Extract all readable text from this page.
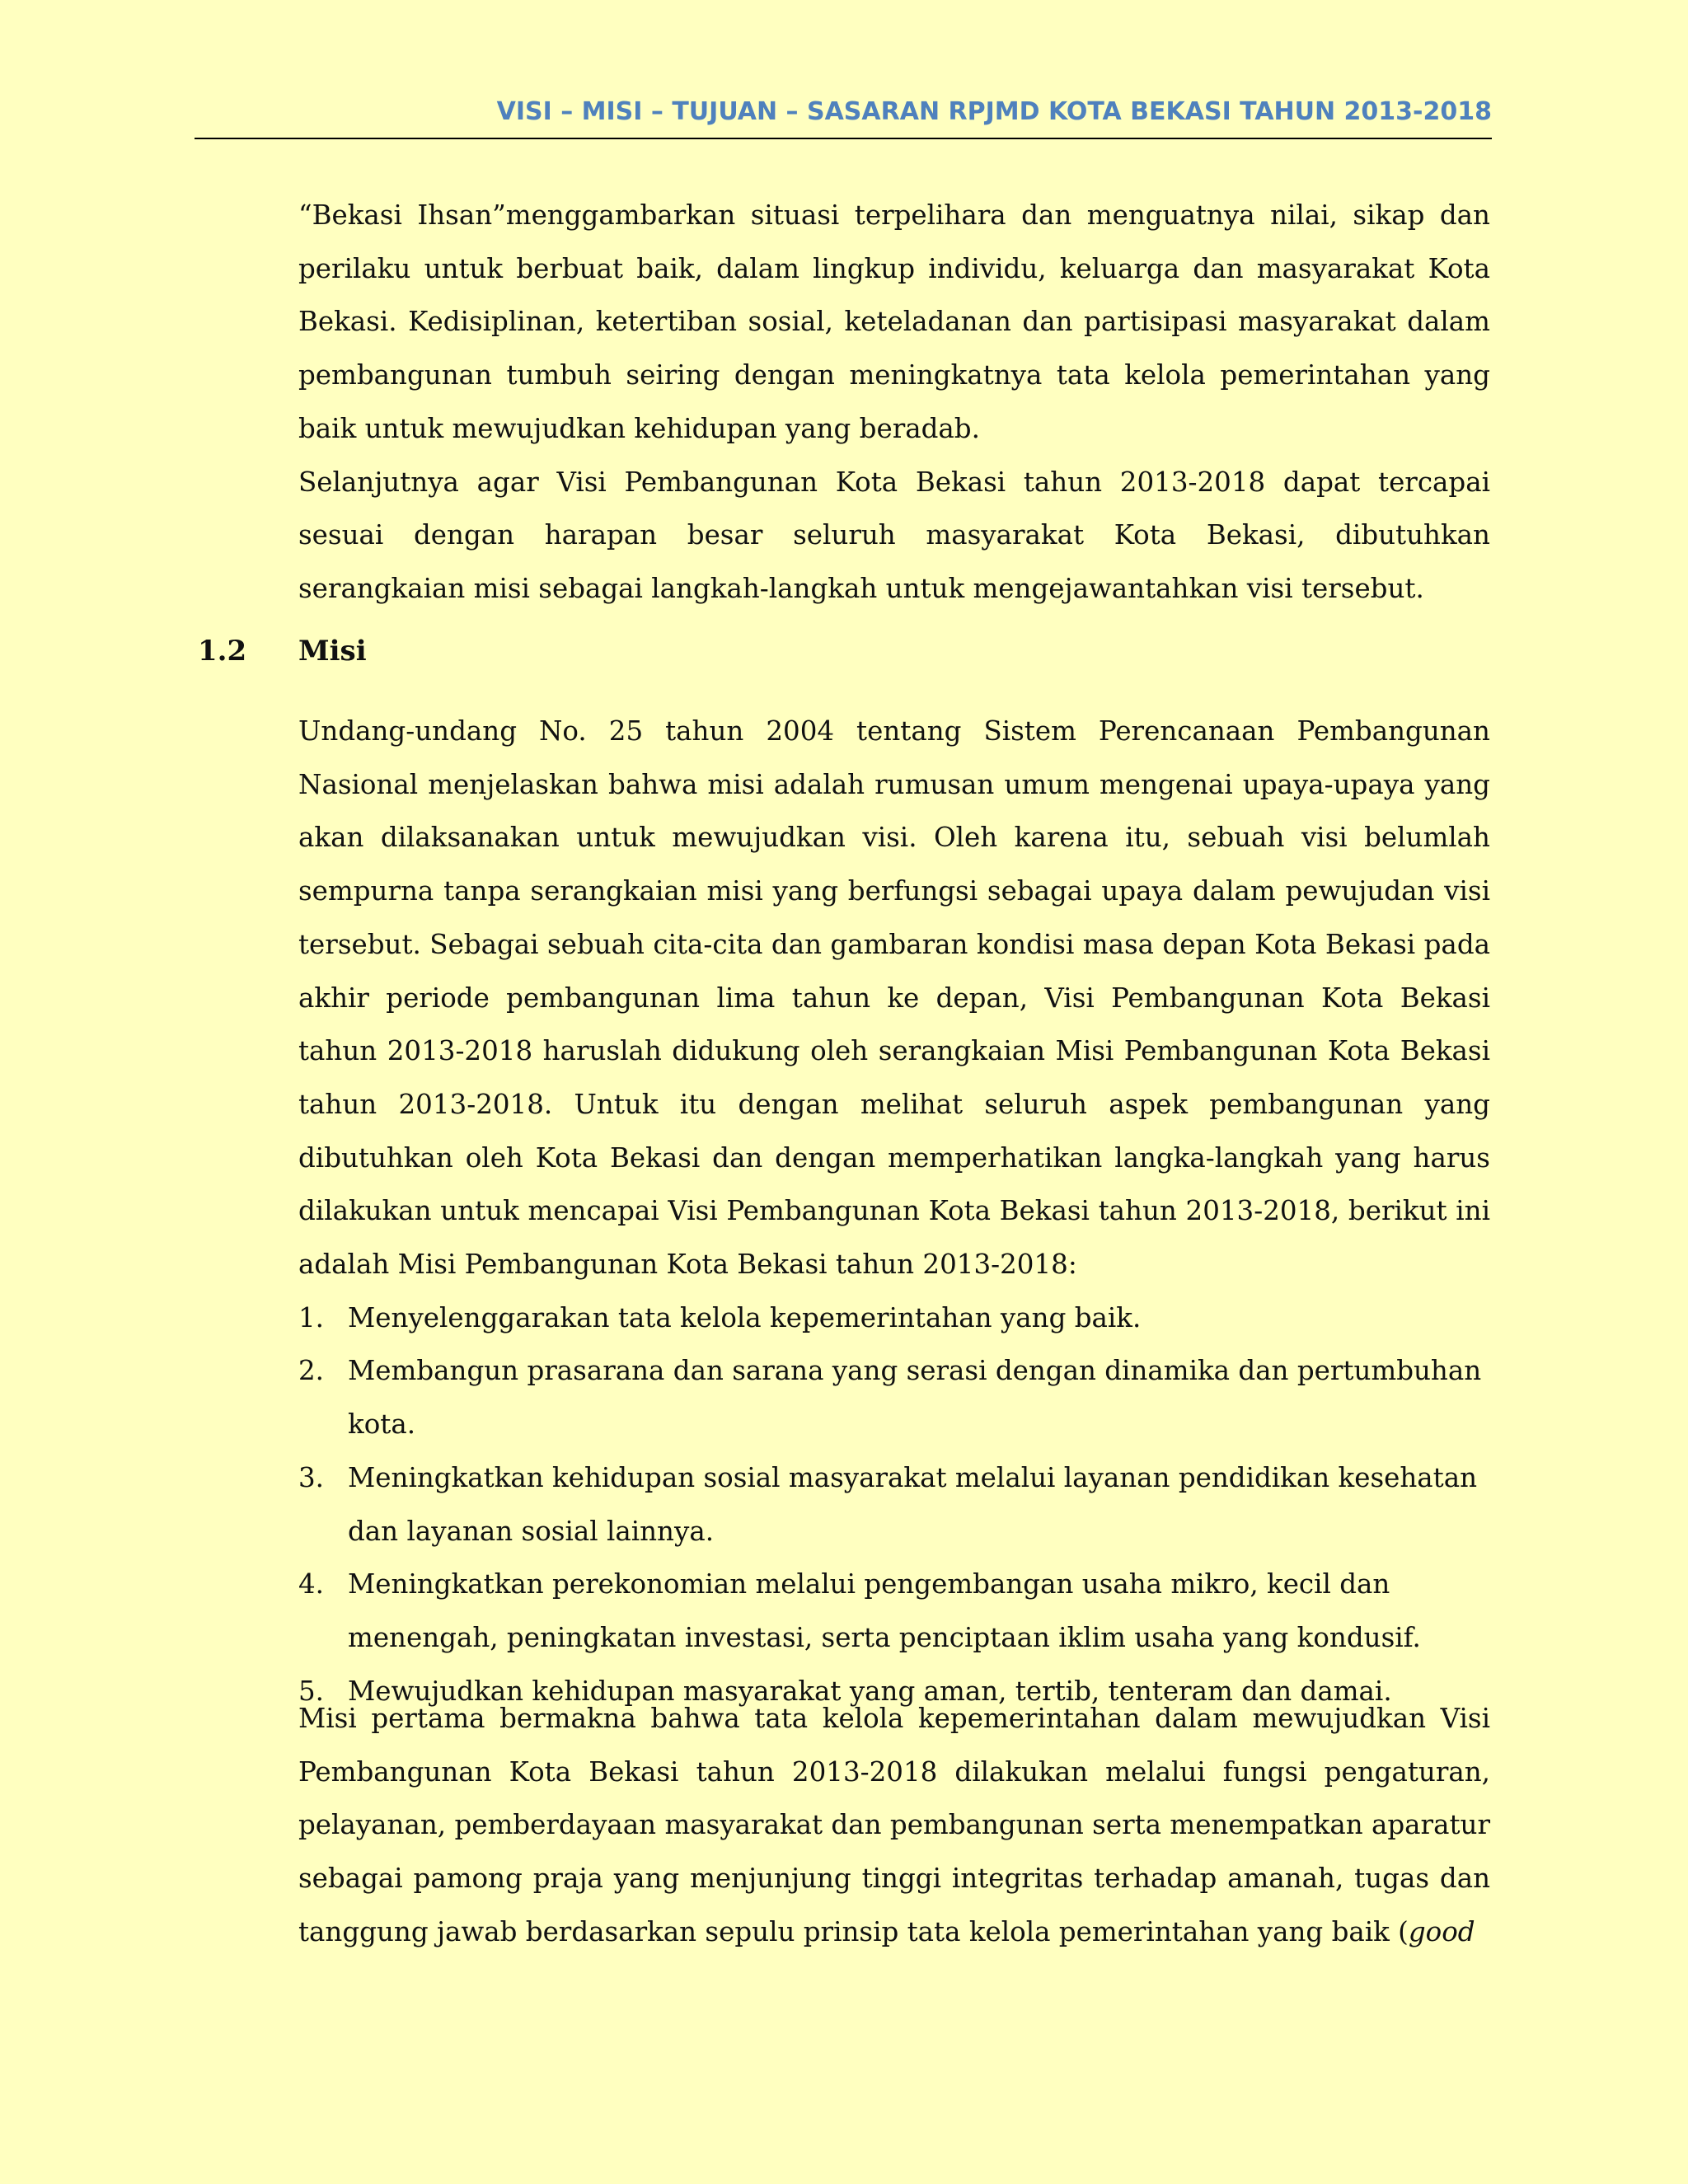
VISI – MISI – TUJUAN – SASARAN RPJMD KOTA BEKASI TAHUN 2013-2018

“Bekasi Ihsan”menggambarkan situasi terpelihara dan menguatnya nilai, sikap dan perilaku untuk berbuat baik, dalam lingkup individu, keluarga dan masyarakat Kota Bekasi. Kedisiplinan, ketertiban sosial, keteladanan dan partisipasi masyarakat dalam pembangunan tumbuh seiring dengan meningkatnya tata kelola pemerintahan yang baik untuk mewujudkan kehidupan yang beradab.

Selanjutnya agar Visi Pembangunan Kota Bekasi tahun 2013-2018 dapat tercapai sesuai dengan harapan besar seluruh masyarakat Kota Bekasi, dibutuhkan serangkaian misi sebagai langkah-langkah untuk mengejawantahkan visi tersebut.

1.2 Misi

Undang-undang No. 25 tahun 2004 tentang Sistem Perencanaan Pembangunan Nasional menjelaskan bahwa misi adalah rumusan umum mengenai upaya-upaya yang akan dilaksanakan untuk mewujudkan visi. Oleh karena itu, sebuah visi belumlah sempurna tanpa serangkaian misi yang berfungsi sebagai upaya dalam pewujudan visi tersebut. Sebagai sebuah cita-cita dan gambaran kondisi masa depan Kota Bekasi pada akhir periode pembangunan lima tahun ke depan, Visi Pembangunan Kota Bekasi tahun 2013-2018 haruslah didukung oleh serangkaian Misi Pembangunan Kota Bekasi tahun 2013-2018. Untuk itu dengan melihat seluruh aspek pembangunan yang dibutuhkan oleh Kota Bekasi dan dengan memperhatikan langka-langkah yang harus dilakukan untuk mencapai Visi Pembangunan Kota Bekasi tahun 2013-2018, berikut ini adalah Misi Pembangunan Kota Bekasi tahun 2013-2018:

1. Menyelenggarakan tata kelola kepemerintahan yang baik.
2. Membangun prasarana dan sarana yang serasi dengan dinamika dan pertumbuhan kota.
3. Meningkatkan kehidupan sosial masyarakat melalui layanan pendidikan kesehatan dan layanan sosial lainnya.
4. Meningkatkan perekonomian melalui pengembangan usaha mikro, kecil dan menengah, peningkatan investasi, serta penciptaan iklim usaha yang kondusif.
5. Mewujudkan kehidupan masyarakat yang aman, tertib, tenteram dan damai.

Misi pertama bermakna bahwa tata kelola kepemerintahan dalam mewujudkan Visi Pembangunan Kota Bekasi tahun 2013-2018 dilakukan melalui fungsi pengaturan, pelayanan, pemberdayaan masyarakat dan pembangunan serta menempatkan aparatur sebagai pamong praja yang menjunjung tinggi integritas terhadap amanah, tugas dan tanggung jawab berdasarkan sepulu prinsip tata kelola pemerintahan yang baik (good
